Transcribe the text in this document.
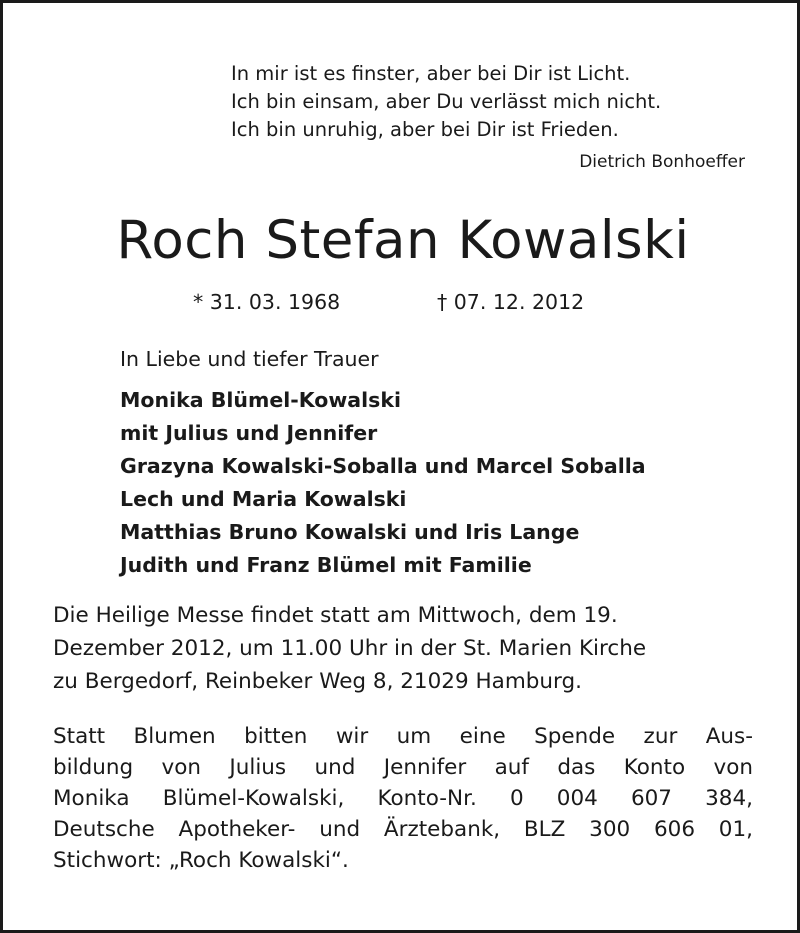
In mir ist es finster, aber bei Dir ist Licht.
Ich bin einsam, aber Du verlässt mich nicht.
Ich bin unruhig, aber bei Dir ist Frieden.
Dietrich Bonhoeffer
Roch Stefan Kowalski
* 31. 03. 1968	† 07. 12. 2012
In Liebe und tiefer Trauer
Monika Blümel-Kowalski
mit Julius und Jennifer
Grazyna Kowalski-Soballa und Marcel Soballa
Lech und Maria Kowalski
Matthias Bruno Kowalski und Iris Lange
Judith und Franz Blümel mit Familie
Die Heilige Messe findet statt am Mittwoch, dem 19.
Dezember 2012, um 11.00 Uhr in der St. Marien Kirche
zu Bergedorf, Reinbeker Weg 8, 21029 Hamburg.
Statt Blumen bitten wir um eine Spende zur Aus-
bildung von Julius und Jennifer auf das Konto von
Monika Blümel-Kowalski, Konto-Nr. 0 004 607 384,
Deutsche Apotheker- und Ärztebank, BLZ 300 606 01,
Stichwort: „Roch Kowalski“.
